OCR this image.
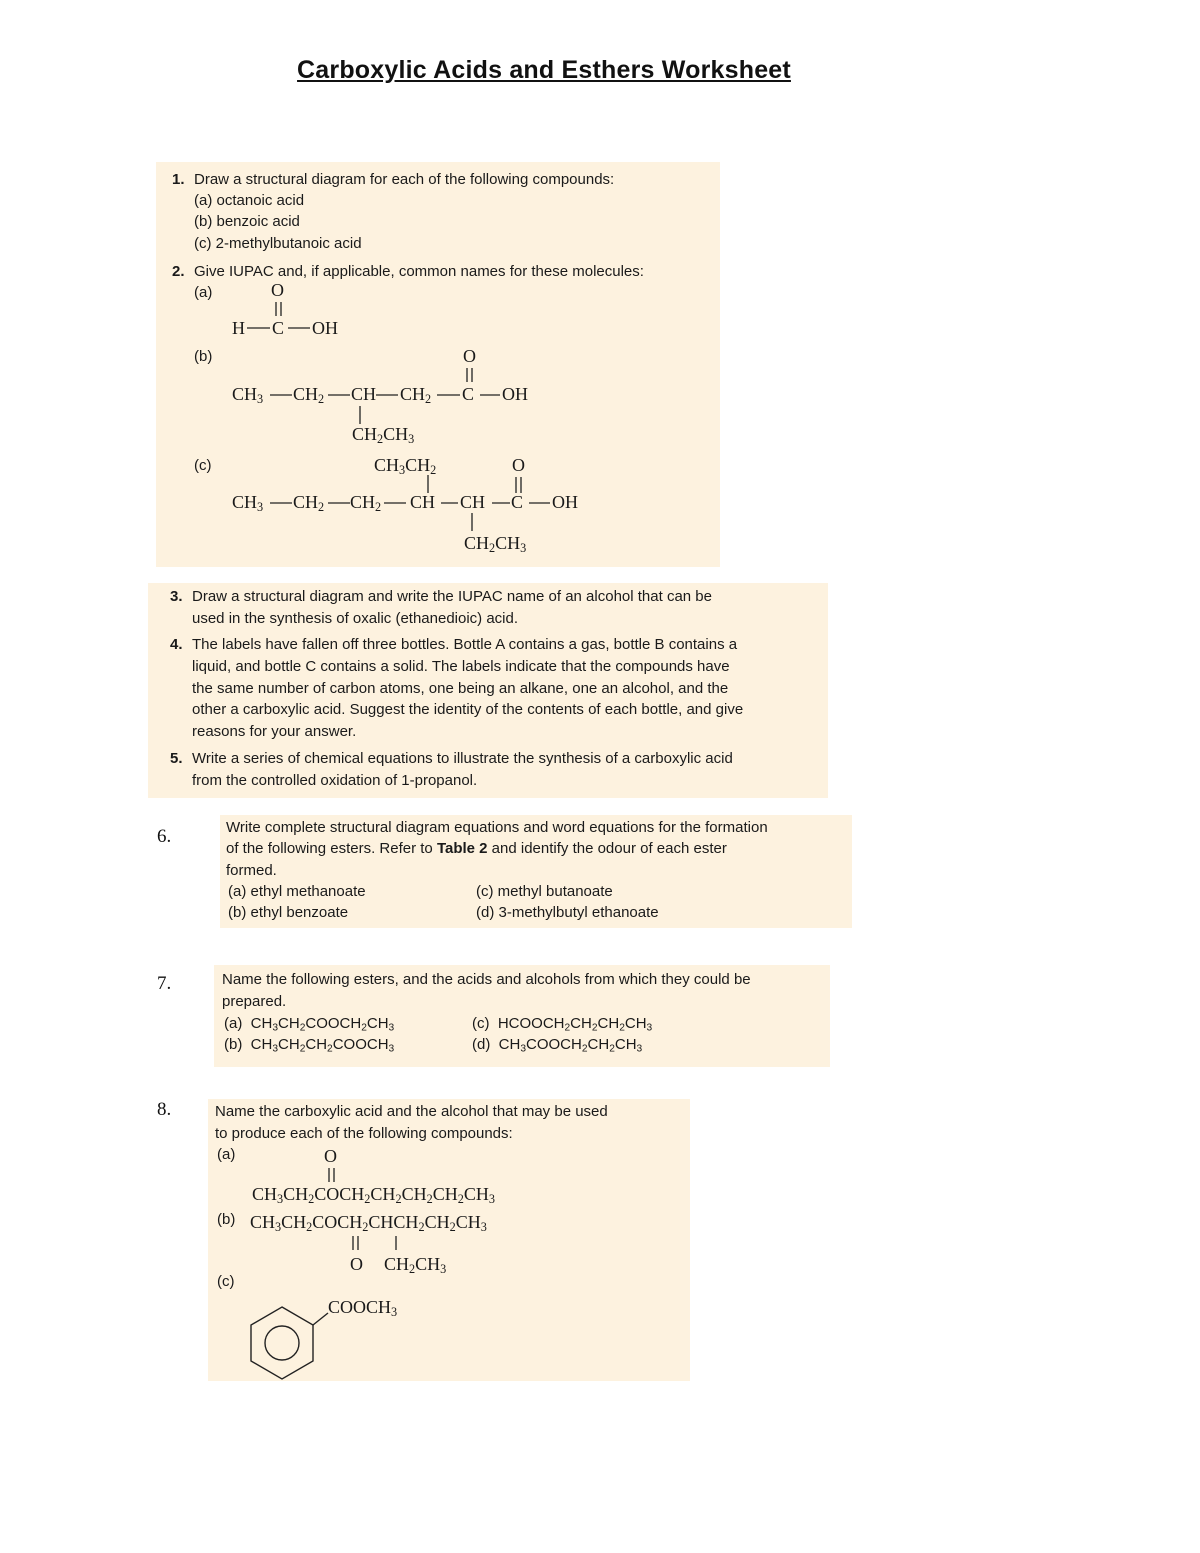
Carboxylic Acids and Esthers Worksheet
1. Draw a structural diagram for each of the following compounds:
(a) octanoic acid
(b) benzoic acid
(c) 2-methylbutanoic acid
2. Give IUPAC and, if applicable, common names for these molecules:
(a)
(b)
(c)
O
H C OH
O
$CH_3$ $CH_2$ CH $CH_2$ C OH
$CH_2CH_3$
$CH_3CH_2$	O
$CH_3$ $CH_2$ $CH_2$ CH CH C OH
$CH_2CH_3$
3. Draw a structural diagram and write the IUPAC name of an alcohol that can be
used in the synthesis of oxalic (ethanedioic) acid.
4. The labels have fallen off three bottles. Bottle A contains a gas, bottle B contains a
liquid, and bottle C contains a solid. The labels indicate that the compounds have
the same number of carbon atoms, one being an alkane, one an alcohol, and the
other a carboxylic acid. Suggest the identity of the contents of each bottle, and give
reasons for your answer.
5. Write a series of chemical equations to illustrate the synthesis of a carboxylic acid
from the controlled oxidation of 1-propanol.
6.	Write complete structural diagram equations and word equations for the formation
of the following esters. Refer to Table 2 and identify the odour of each ester
formed.
(a) ethyl methanoate
(b) ethyl benzoate
(c) methyl butanoate
(d) 3-methylbutyl ethanoate
7.	Name the following esters, and the acids and alcohols from which they could be
prepared.
(a)  $CH_3CH_2COOCH_2CH_3$
(b)  $CH_3CH_2CH_2COOCH_3$
(c)  $HCOOCH_2CH_2CH_2CH_3$
(d)  $CH_3COOCH_2CH_2CH_3$
8.	Name the carboxylic acid and the alcohol that may be used
to produce each of the following compounds:
(a)
(b)
(c)
O
$CH_3CH_2COCH_2CH_2CH_2CH_2CH_3$
$CH_3CH_2COCH_2CHCH_2CH_2CH_3$
O $CH_2CH_3$
$COOCH_3$
